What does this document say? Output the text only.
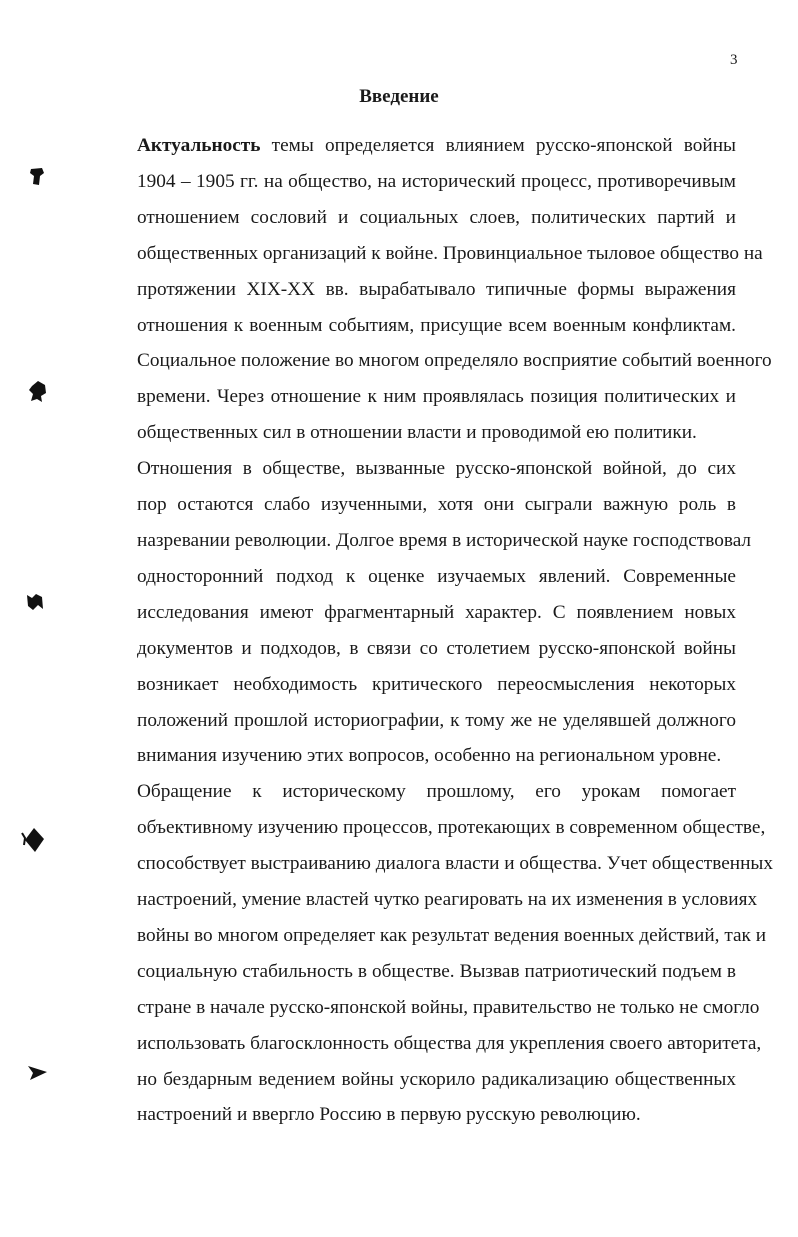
3
Введение

Актуальность темы определяется влиянием русско-японской войны
1904 – 1905 гг. на общество, на исторический процесс, противоречивым
отношением сословий и социальных слоев, политических партий и
общественных организаций к войне. Провинциальное тыловое общество на
протяжении XIX-XX вв. вырабатывало типичные формы выражения
отношения к военным событиям, присущие всем военным конфликтам.
Социальное положение во многом определяло восприятие событий военного
времени. Через отношение к ним проявлялась позиция политических и
общественных сил в отношении власти и проводимой ею политики.

Отношения в обществе, вызванные русско-японской войной, до сих
пор остаются слабо изученными, хотя они сыграли важную роль в
назревании революции. Долгое время в исторической науке господствовал
односторонний подход к оценке изучаемых явлений. Современные
исследования имеют фрагментарный характер. С появлением новых
документов и подходов, в связи со столетием русско-японской войны
возникает необходимость критического переосмысления некоторых
положений прошлой историографии, к тому же не уделявшей должного
внимания изучению этих вопросов, особенно на региональном уровне.

Обращение к историческому прошлому, его урокам помогает
объективному изучению процессов, протекающих в современном обществе,
способствует выстраиванию диалога власти и общества. Учет общественных
настроений, умение властей чутко реагировать на их изменения в условиях
войны во многом определяет как результат ведения военных действий, так и
социальную стабильность в обществе. Вызвав патриотический подъем в
стране в начале русско-японской войны, правительство не только не смогло
использовать благосклонность общества для укрепления своего авторитета,
но бездарным ведением войны ускорило радикализацию общественных
настроений и ввергло Россию в первую русскую революцию.
